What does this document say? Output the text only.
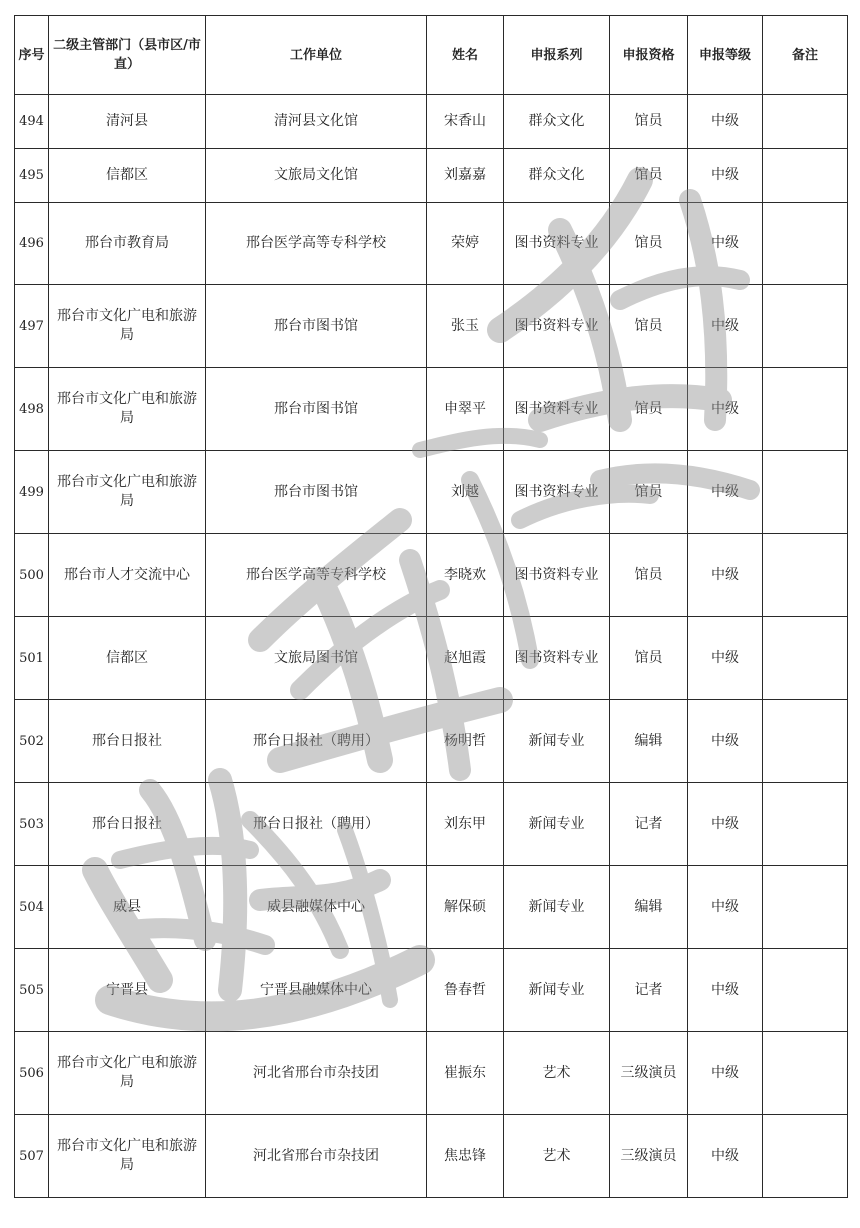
序号	二级主管部门（县市区/市直）	工作单位	姓名	申报系列	申报资格	申报等级	备注
494	清河县	清河县文化馆	宋香山	群众文化	馆员	中级	
495	信都区	文旅局文化馆	刘嘉嘉	群众文化	馆员	中级	
496	邢台市教育局	邢台医学高等专科学校	荣婷	图书资料专业	馆员	中级	
497	邢台市文化广电和旅游局	邢台市图书馆	张玉	图书资料专业	馆员	中级	
498	邢台市文化广电和旅游局	邢台市图书馆	申翠平	图书资料专业	馆员	中级	
499	邢台市文化广电和旅游局	邢台市图书馆	刘越	图书资料专业	馆员	中级	
500	邢台市人才交流中心	邢台医学高等专科学校	李晓欢	图书资料专业	馆员	中级	
501	信都区	文旅局图书馆	赵旭霞	图书资料专业	馆员	中级	
502	邢台日报社	邢台日报社（聘用）	杨明哲	新闻专业	编辑	中级	
503	邢台日报社	邢台日报社（聘用）	刘东甲	新闻专业	记者	中级	
504	威县	威县融媒体中心	解保硕	新闻专业	编辑	中级	
505	宁晋县	宁晋县融媒体中心	鲁春哲	新闻专业	记者	中级	
506	邢台市文化广电和旅游局	河北省邢台市杂技团	崔振东	艺术	三级演员	中级	
507	邢台市文化广电和旅游局	河北省邢台市杂技团	焦忠锋	艺术	三级演员	中级	
